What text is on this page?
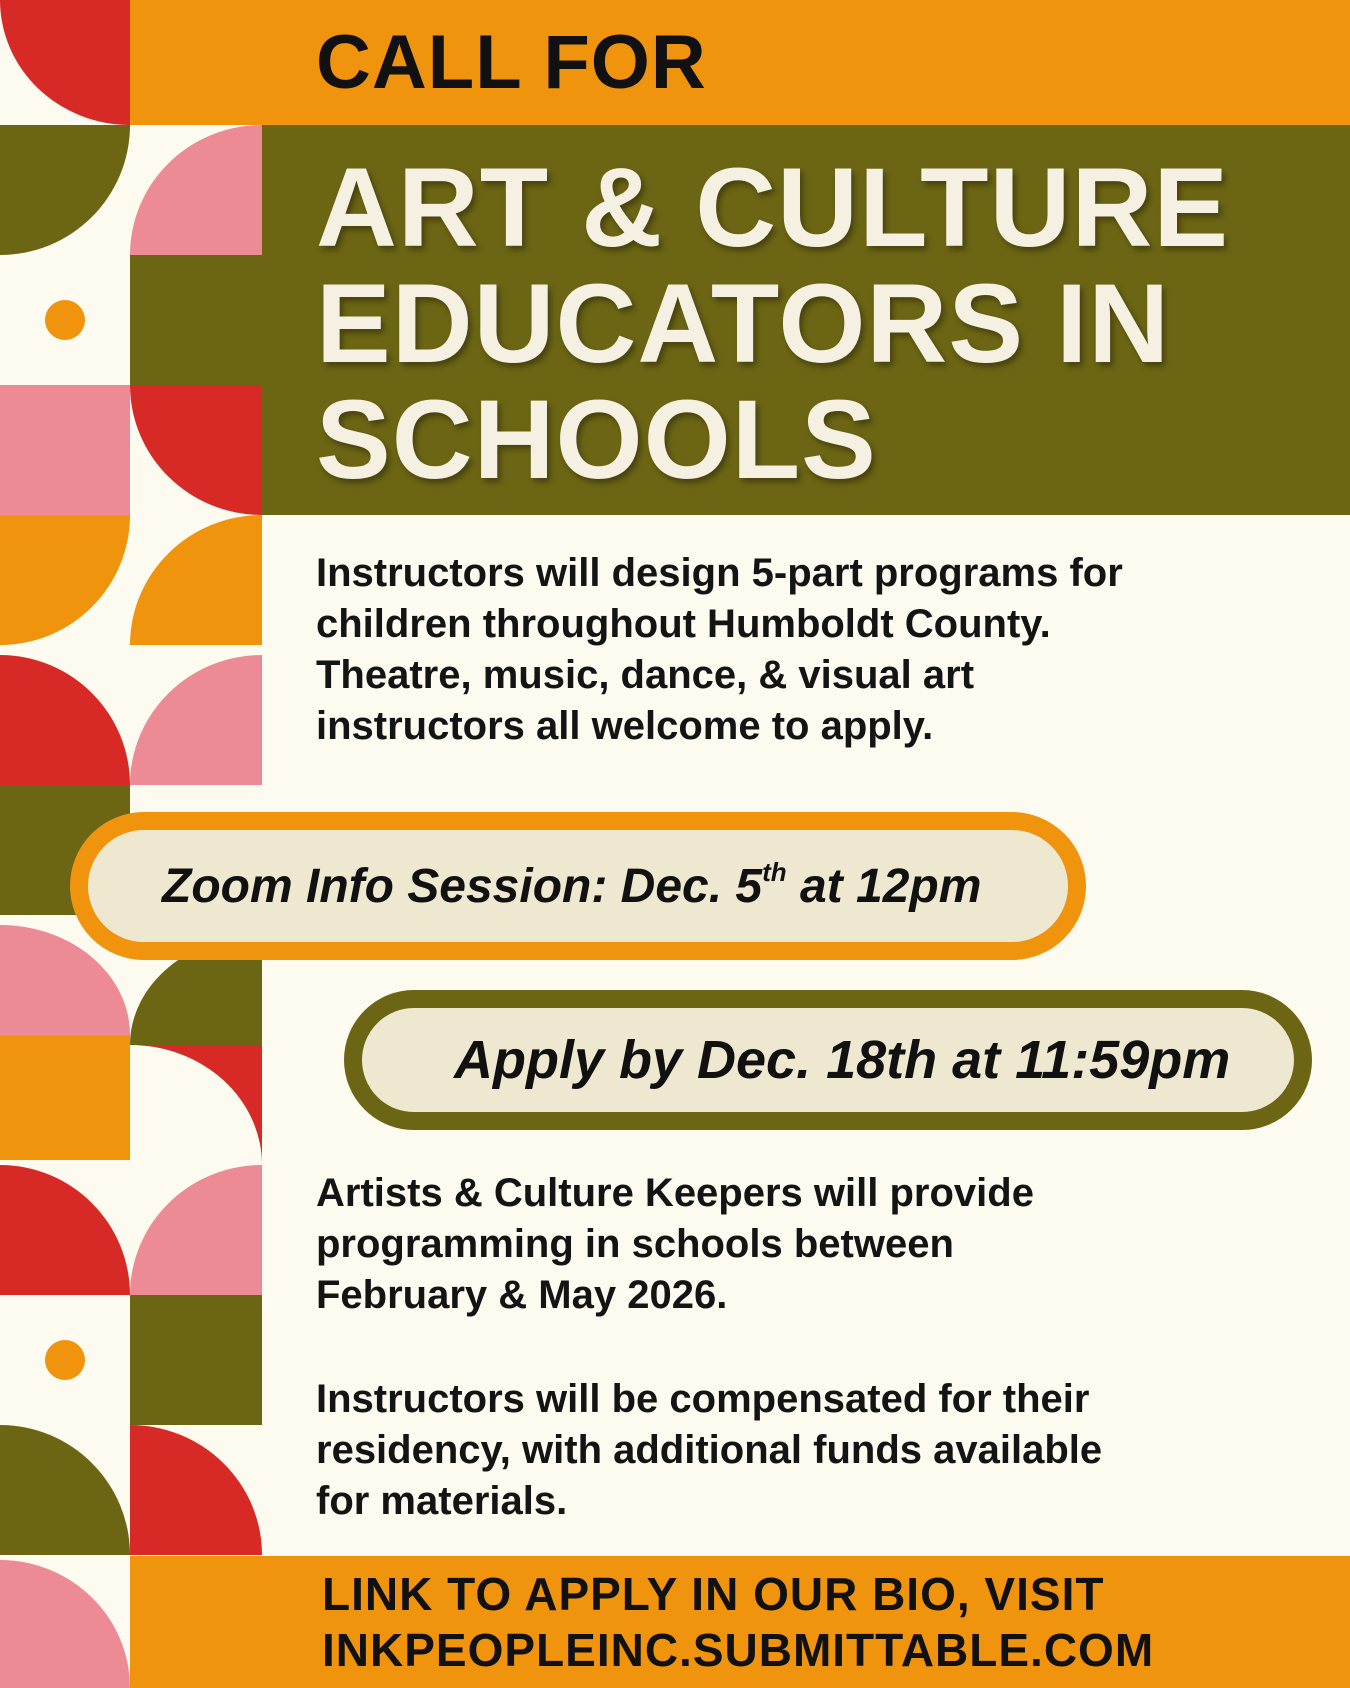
CALL FOR
ART & CULTURE
EDUCATORS IN
SCHOOLS
Instructors will design 5-part programs for
children throughout Humboldt County.
Theatre, music, dance, & visual art
instructors all welcome to apply.
Zoom Info Session: Dec. 5th at 12pm
Apply by Dec. 18th at 11:59pm
Artists & Culture Keepers will provide
programming in schools between
February & May 2026.
Instructors will be compensated for their
residency, with additional funds available
for materials.
LINK TO APPLY IN OUR BIO, VISIT
INKPEOPLEINC.SUBMITTABLE.COM
